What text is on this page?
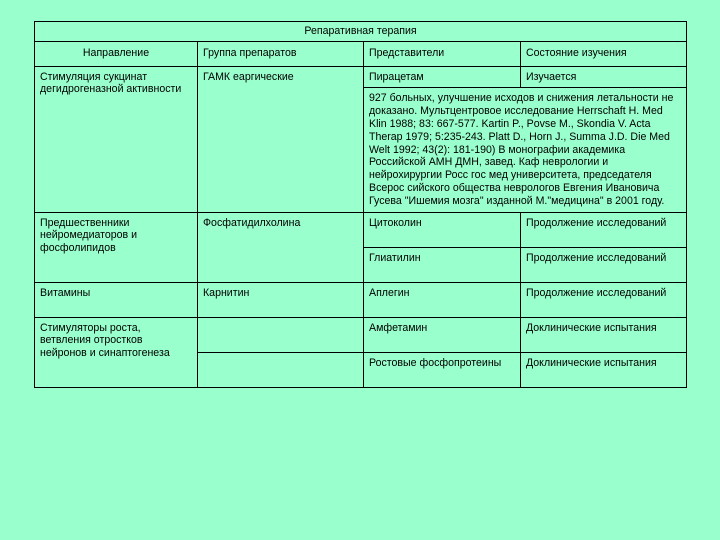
Репаративная терапия			
Направление	Группа препаратов	Представители	Состояние изучения
Стимуляция сукцинат дегидрогеназной активности	ГАМК еаргические	Пирацетам	Изучается

		927 больных, улучшение исходов и снижения летальности не доказано. Мультцентровое исследование Herrschaft H. Med Klin 1988; 83: 667-577. Kartin P., Povse M., Skondia V. Acta Therap 1979; 5:235-243. Platt D., Horn J., Summa J.D. Die Med Welt 1992; 43(2): 181-190) В монографии академика Российской АМН ДМН, завед. Каф неврологии и нейрохирургии Росс гос мед университета, председателя Всерос сийского общества неврологов Евгения Ивановича Гусева "Ишемия мозга" изданной М."медицина" в 2001 году.	

Предшественники нейромедиаторов и фосфолипидов	Фосфатидилхолина	Цитоколин	Продолжение исследований
		Глиатилин	Продолжение исследований
Витамины	Карнитин	Аплегин	Продолжение исследований
Стимуляторы роста, ветвления отростков нейронов и синаптогенеза		Амфетамин	Доклинические испытания
		Ростовые фосфопротеины	Доклинические испытания
